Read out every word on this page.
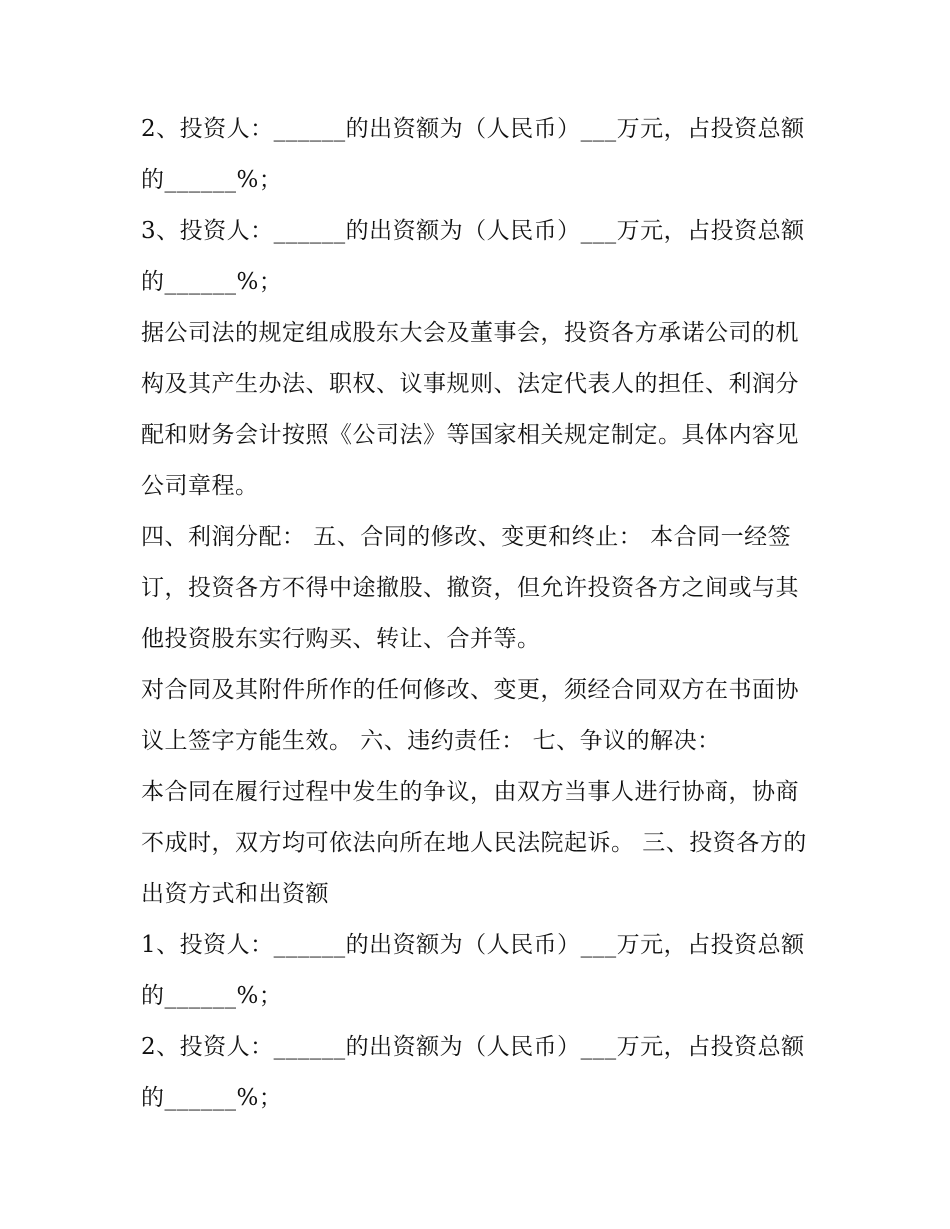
2、投资人：______的出资额为（人民币）___万元，占投资总额的______%；

3、投资人：______的出资额为（人民币）___万元，占投资总额的______%；

据公司法的规定组成股东大会及董事会，投资各方承诺公司的机构及其产生办法、职权、议事规则、法定代表人的担任、利润分配和财务会计按照《公司法》等国家相关规定制定。具体内容见公司章程。

四、利润分配： 五、合同的修改、变更和终止： 本合同一经签订，投资各方不得中途撤股、撤资，但允许投资各方之间或与其他投资股东实行购买、转让、合并等。

对合同及其附件所作的任何修改、变更，须经合同双方在书面协议上签字方能生效。 六、违约责任： 七、争议的解决：

本合同在履行过程中发生的争议，由双方当事人进行协商，协商不成时，双方均可依法向所在地人民法院起诉。 三、投资各方的出资方式和出资额

1、投资人：______的出资额为（人民币）___万元，占投资总额的______%；

2、投资人：______的出资额为（人民币）___万元，占投资总额的______%；
